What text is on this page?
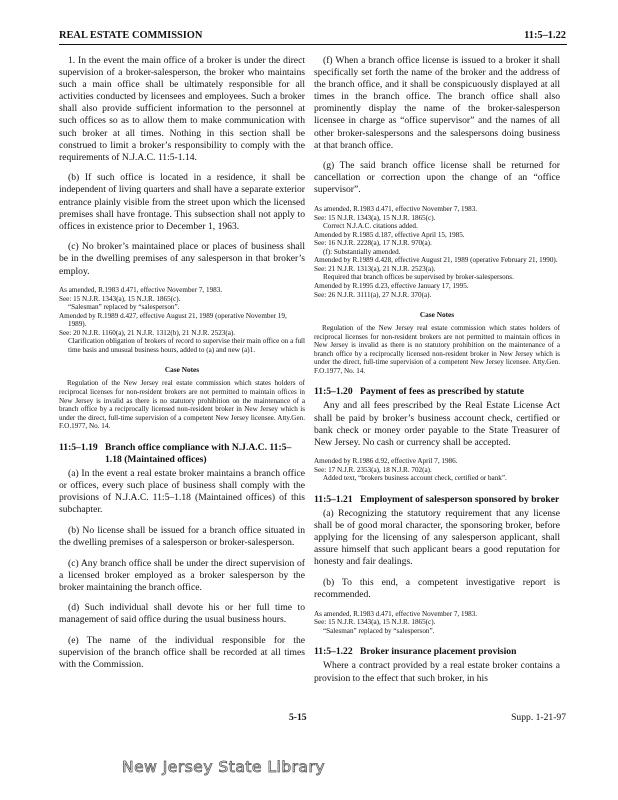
REAL ESTATE COMMISSION	11:5–1.22

1. In the event the main office of a broker is under the direct supervision of a broker-salesperson, the broker who maintains such a main office shall be ultimately responsible for all activities conducted by licensees and employees. Such a broker shall also provide sufficient information to the personnel at such offices so as to allow them to make communication with such broker at all times. Nothing in this section shall be construed to limit a broker’s responsibility to comply with the requirements of N.J.A.C. 11:5-1.14.

(b) If such office is located in a residence, it shall be independent of living quarters and shall have a separate exterior entrance plainly visible from the street upon which the licensed premises shall have frontage. This subsection shall not apply to offices in existence prior to December 1, 1963.

(c) No broker’s maintained place or places of business shall be in the dwelling premises of any salesperson in that broker’s employ.

As amended, R.1983 d.471, effective November 7, 1983.

See: 15 N.J.R. 1343(a), 15 N.J.R. 1865(c).

“Salesman” replaced by “salesperson”.

Amended by R.1989 d.427, effective August 21, 1989 (operative November 19, 1989).

See: 20 N.J.R. 1160(a), 21 N.J.R. 1312(b), 21 N.J.R. 2523(a).

Clarification obligation of brokers of record to supervise their main office on a full time basis and unusual business hours, added to (a) and new (a)1.

Case Notes

Regulation of the New Jersey real estate commission which states holders of reciprocal licenses for non-resident brokers are not permitted to maintain offices in New Jersey is invalid as there is no statutory prohibition on the maintenance of a branch office by a reciprocally licensed non-resident broker in New Jersey which is under the direct, full-time supervision of a competent New Jersey licensee. Atty.Gen. F.O.1977, No. 14.

11:5–1.19 Branch office compliance with N.J.A.C. 11:5–1.18 (Maintained offices)

(a) In the event a real estate broker maintains a branch office or offices, every such place of business shall comply with the provisions of N.J.A.C. 11:5–1.18 (Maintained offices) of this subchapter.

(b) No license shall be issued for a branch office situated in the dwelling premises of a salesperson or broker-salesperson.

(c) Any branch office shall be under the direct supervision of a licensed broker employed as a broker salesperson by the broker maintaining the branch office.

(d) Such individual shall devote his or her full time to management of said office during the usual business hours.

(e) The name of the individual responsible for the supervision of the branch office shall be recorded at all times with the Commission.

(f) When a branch office license is issued to a broker it shall specifically set forth the name of the broker and the address of the branch office, and it shall be conspicuously displayed at all times in the branch office. The branch office shall also prominently display the name of the broker-salesperson licensee in charge as “office supervisor” and the names of all other broker-salespersons and the salespersons doing business at that branch office.

(g) The said branch office license shall be returned for cancellation or correction upon the change of an “office supervisor”.

As amended, R.1983 d.471, effective November 7, 1983.

See: 15 N.J.R. 1343(a), 15 N.J.R. 1865(c).

Correct N.J.A.C. citations added.

Amended by R.1985 d.187, effective April 15, 1985.

See: 16 N.J.R. 2228(a), 17 N.J.R. 970(a).

(f): Substantially amended.

Amended by R.1989 d.428, effective August 21, 1989 (operative February 21, 1990).

See: 21 N.J.R. 1313(a), 21 N.J.R. 2523(a).

Required that branch offices be supervised by broker-salespersons.

Amended by R.1995 d.23, effective January 17, 1995.

See: 26 N.J.R. 3111(a), 27 N.J.R. 370(a).

Case Notes

Regulation of the New Jersey real estate commission which states holders of reciprocal licenses for non-resident brokers are not permitted to maintain offices in New Jersey is invalid as there is no statutory prohibition on the maintenance of a branch office by a reciprocally licensed non-resident broker in New Jersey which is under the direct, full-time supervision of a competent New Jersey licensee. Atty.Gen. F.O.1977, No. 14.

11:5–1.20 Payment of fees as prescribed by statute

Any and all fees prescribed by the Real Estate License Act shall be paid by broker’s business account check, certified or bank check or money order payable to the State Treasurer of New Jersey. No cash or currency shall be accepted.

Amended by R.1986 d.92, effective April 7, 1986.

See: 17 N.J.R. 2353(a), 18 N.J.R. 702(a).

Added text, “brokers business account check, certified or bank”.

11:5–1.21 Employment of salesperson sponsored by broker

(a) Recognizing the statutory requirement that any license shall be of good moral character, the sponsoring broker, before applying for the licensing of any salesperson applicant, shall assure himself that such applicant bears a good reputation for honesty and fair dealings.

(b) To this end, a competent investigative report is recommended.

As amended, R.1983 d.471, effective November 7, 1983.

See: 15 N.J.R. 1343(a), 15 N.J.R. 1865(c).

“Salesman” replaced by “salesperson”.

11:5–1.22 Broker insurance placement provision

Where a contract provided by a real estate broker contains a provision to the effect that such broker, in his

5-15	Supp. 1-21-97
New Jersey State Library
